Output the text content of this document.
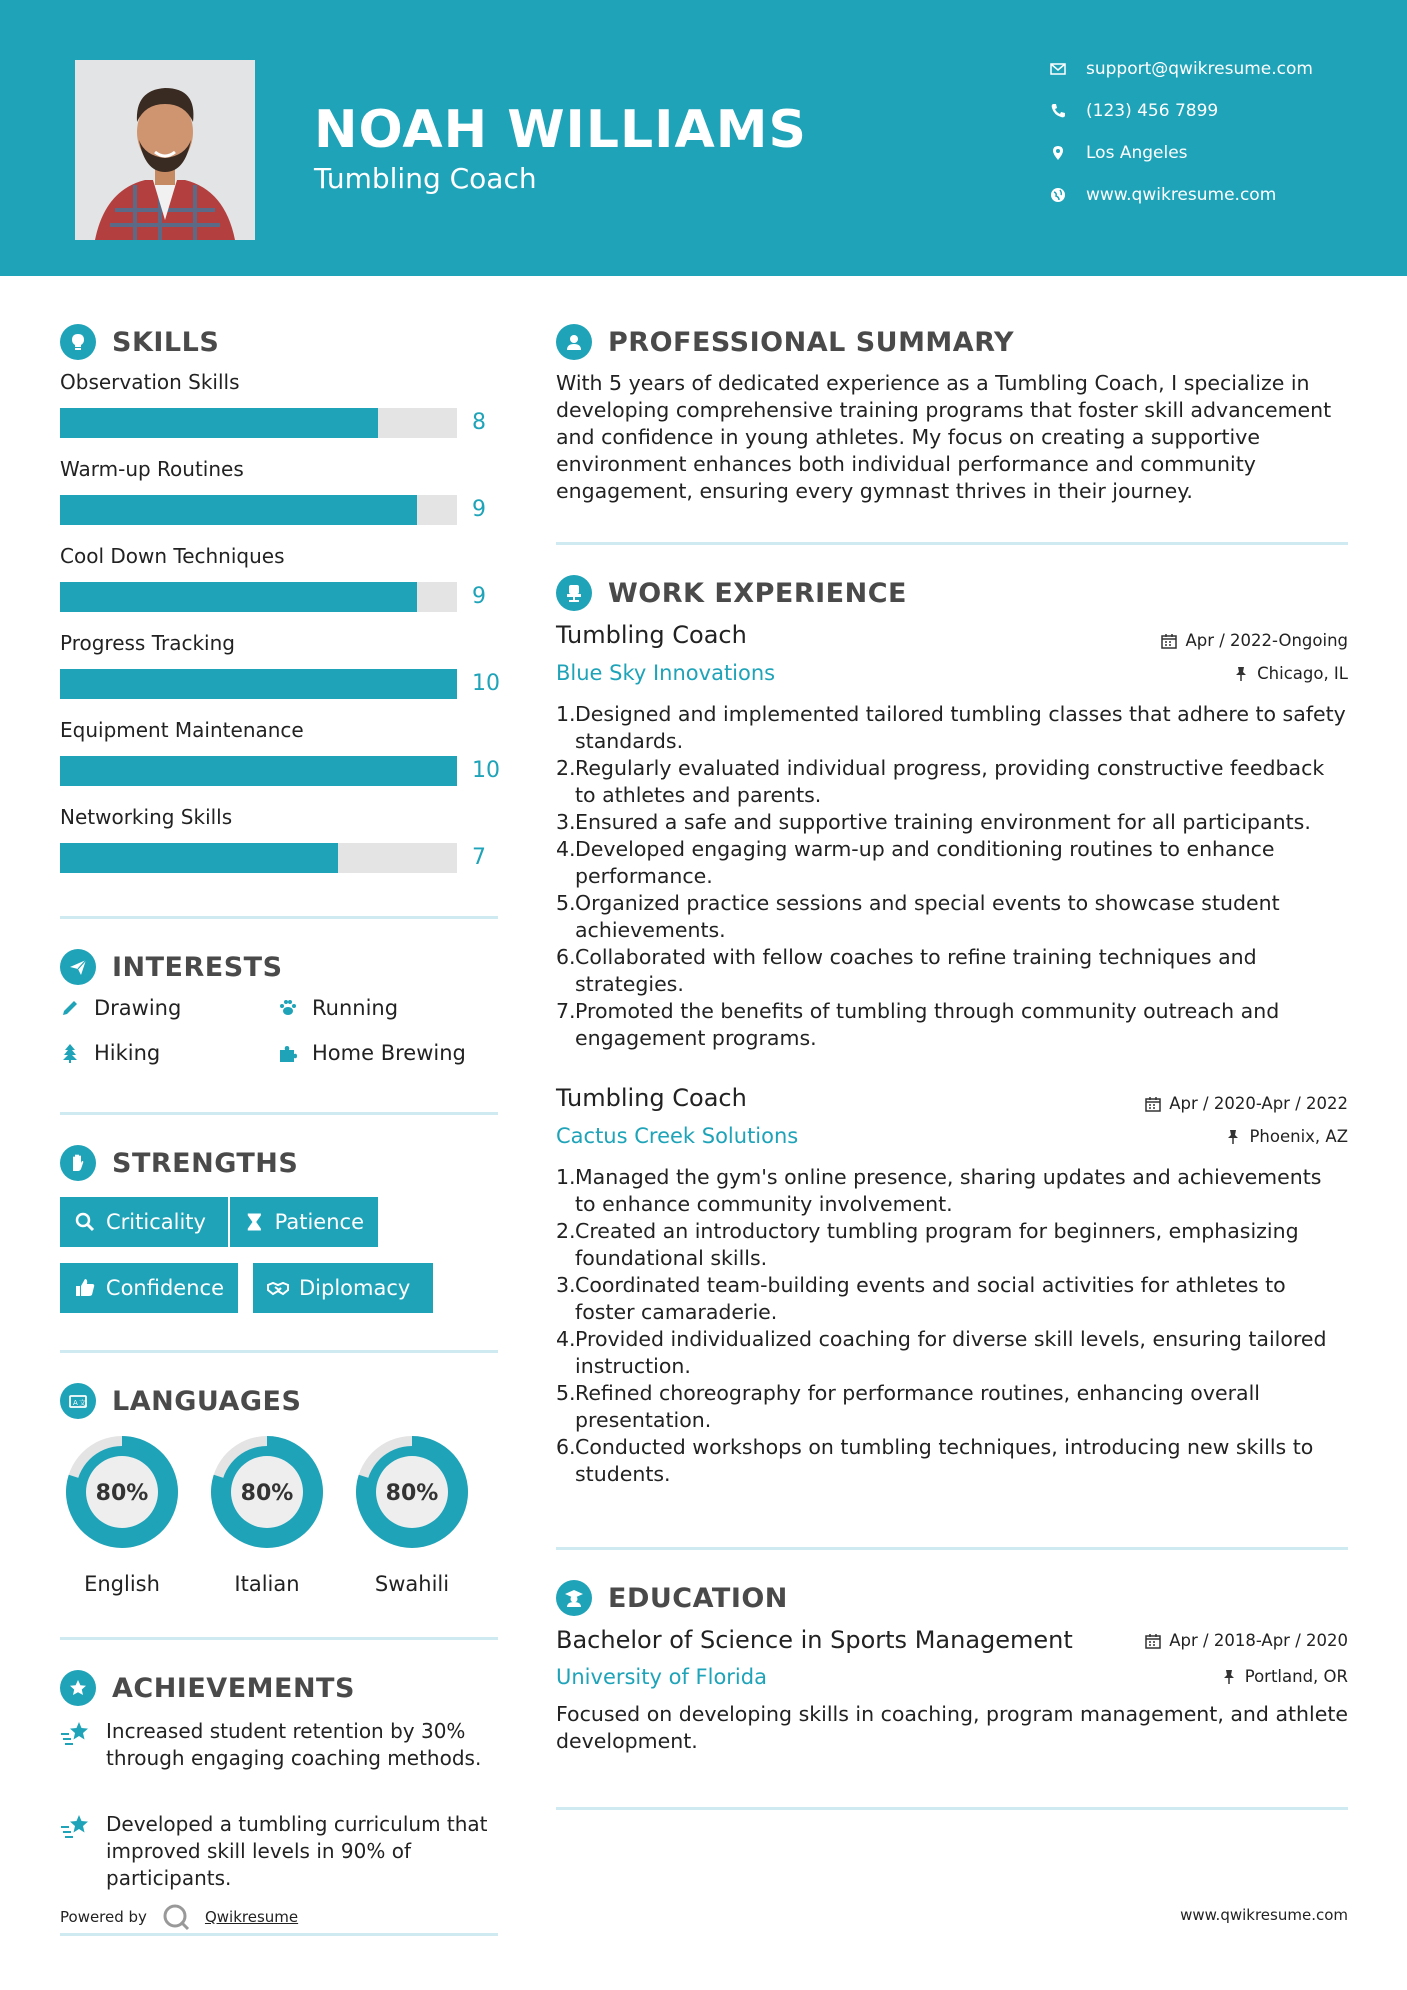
NOAH WILLIAMS
Tumbling Coach
support@qwikresume.com
(123) 456 7899
Los Angeles
www.qwikresume.com
SKILLS
Observation Skills
8
Warm-up Routines
9
Cool Down Techniques
9
Progress Tracking
10
Equipment Maintenance
10
Networking Skills
7
INTERESTS
Drawing	Running
Hiking	Home Brewing
STRENGTHS
Criticality	Patience
Confidence	Diplomacy
A 文 LANGUAGES
80%
English
80%
Italian
80%
Swahili
ACHIEVEMENTS
Increased student retention by 30% through engaging coaching methods.
Developed a tumbling curriculum that improved skill levels in 90% of participants.
Powered by	Qwikresume
PROFESSIONAL SUMMARY
With 5 years of dedicated experience as a Tumbling Coach, I specialize in developing comprehensive training programs that foster skill advancement and confidence in young athletes. My focus on creating a supportive environment enhances both individual performance and community engagement, ensuring every gymnast thrives in their journey.
WORK EXPERIENCE
Tumbling Coach	Apr / 2022-Ongoing
Blue Sky Innovations	Chicago, IL
1. Designed and implemented tailored tumbling classes that adhere to safety standards.
2. Regularly evaluated individual progress, providing constructive feedback to athletes and parents.
3. Ensured a safe and supportive training environment for all participants.
4. Developed engaging warm-up and conditioning routines to enhance performance.
5. Organized practice sessions and special events to showcase student achievements.
6. Collaborated with fellow coaches to refine training techniques and strategies.
7. Promoted the benefits of tumbling through community outreach and engagement programs.
Tumbling Coach	Apr / 2020-Apr / 2022
Cactus Creek Solutions	Phoenix, AZ
1. Managed the gym's online presence, sharing updates and achievements to enhance community involvement.
2. Created an introductory tumbling program for beginners, emphasizing foundational skills.
3. Coordinated team-building events and social activities for athletes to foster camaraderie.
4. Provided individualized coaching for diverse skill levels, ensuring tailored instruction.
5. Refined choreography for performance routines, enhancing overall presentation.
6. Conducted workshops on tumbling techniques, introducing new skills to students.
EDUCATION
Bachelor of Science in Sports Management	Apr / 2018-Apr / 2020
University of Florida	Portland, OR
Focused on developing skills in coaching, program management, and athlete development.
www.qwikresume.com
